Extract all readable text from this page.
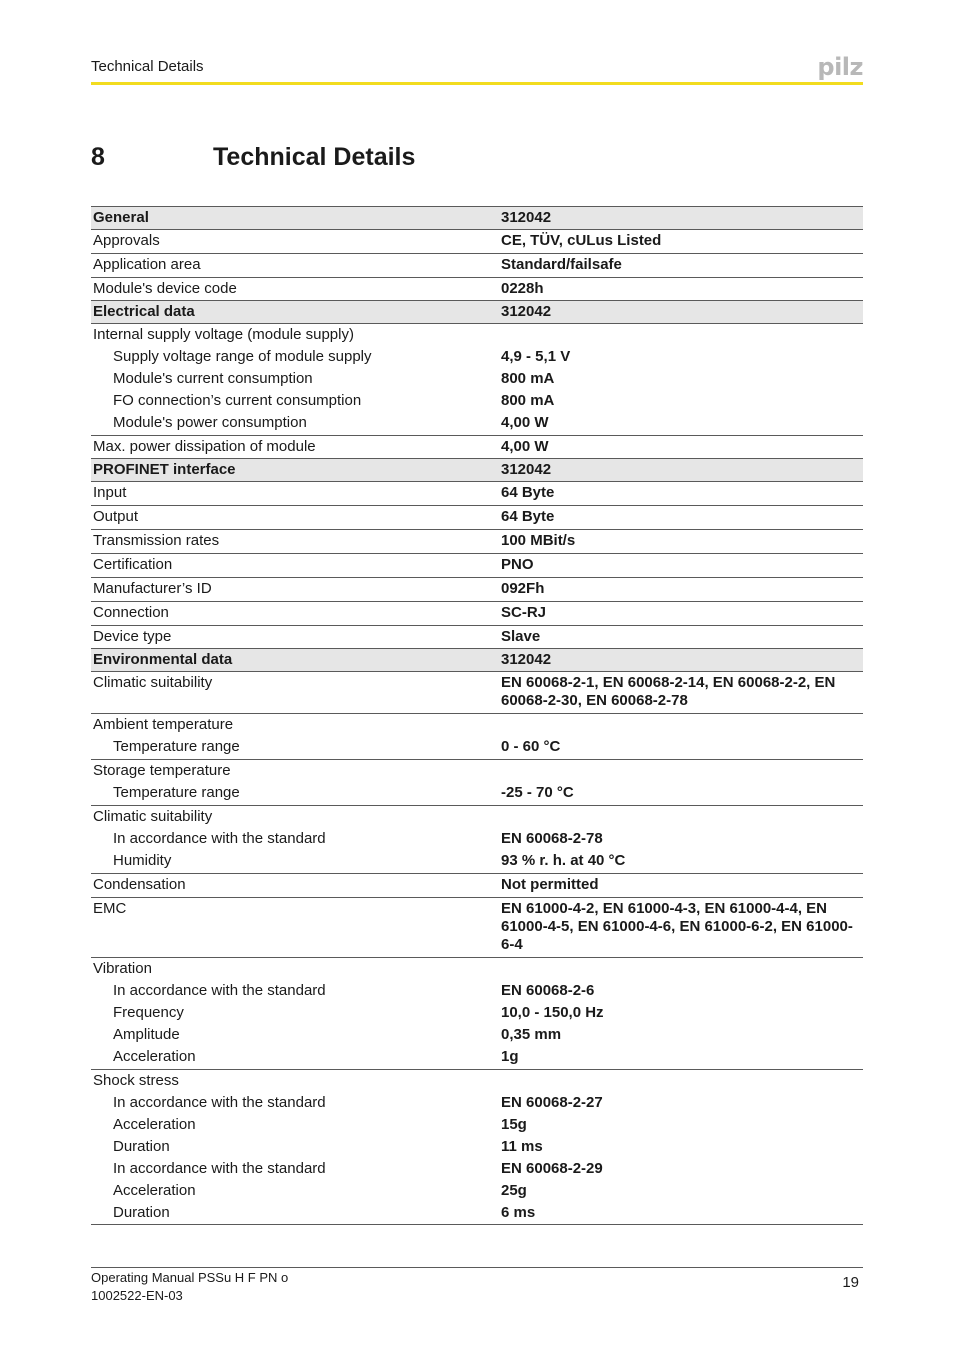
Technical Details	pilz
8	Technical Details
General	312042
Approvals	CE, TÜV, cULus Listed
Application area	Standard/failsafe
Module's device code	0228h
Electrical data	312042
Internal supply voltage (module supply)	
Supply voltage range of module supply	4,9 - 5,1 V
Module's current consumption	800 mA
FO connection’s current consumption	800 mA
Module's power consumption	4,00 W
Max. power dissipation of module	4,00 W
PROFINET interface	312042
Input	64 Byte
Output	64 Byte
Transmission rates	100 MBit/s
Certification	PNO
Manufacturer’s ID	092Fh
Connection	SC-RJ
Device type	Slave
Environmental data	312042
Climatic suitability	EN 60068-2-1, EN 60068-2-14, EN 60068-2-2, EN 60068-2-30, EN 60068-2-78
Ambient temperature	
Temperature range	0 - 60 °C
Storage temperature	
Temperature range	-25 - 70 °C
Climatic suitability	
In accordance with the standard	EN 60068-2-78
Humidity	93 % r. h. at 40 °C
Condensation	Not permitted
EMC	EN 61000-4-2, EN 61000-4-3, EN 61000-4-4, EN 61000-4-5, EN 61000-4-6, EN 61000-6-2, EN 61000-6-4
Vibration	
In accordance with the standard	EN 60068-2-6
Frequency	10,0 - 150,0 Hz
Amplitude	0,35 mm
Acceleration	1g
Shock stress	
In accordance with the standard	EN 60068-2-27
Acceleration	15g
Duration	11 ms
In accordance with the standard	EN 60068-2-29
Acceleration	25g
Duration	6 ms
Operating Manual PSSu H F PN o
1002522-EN-03
19
